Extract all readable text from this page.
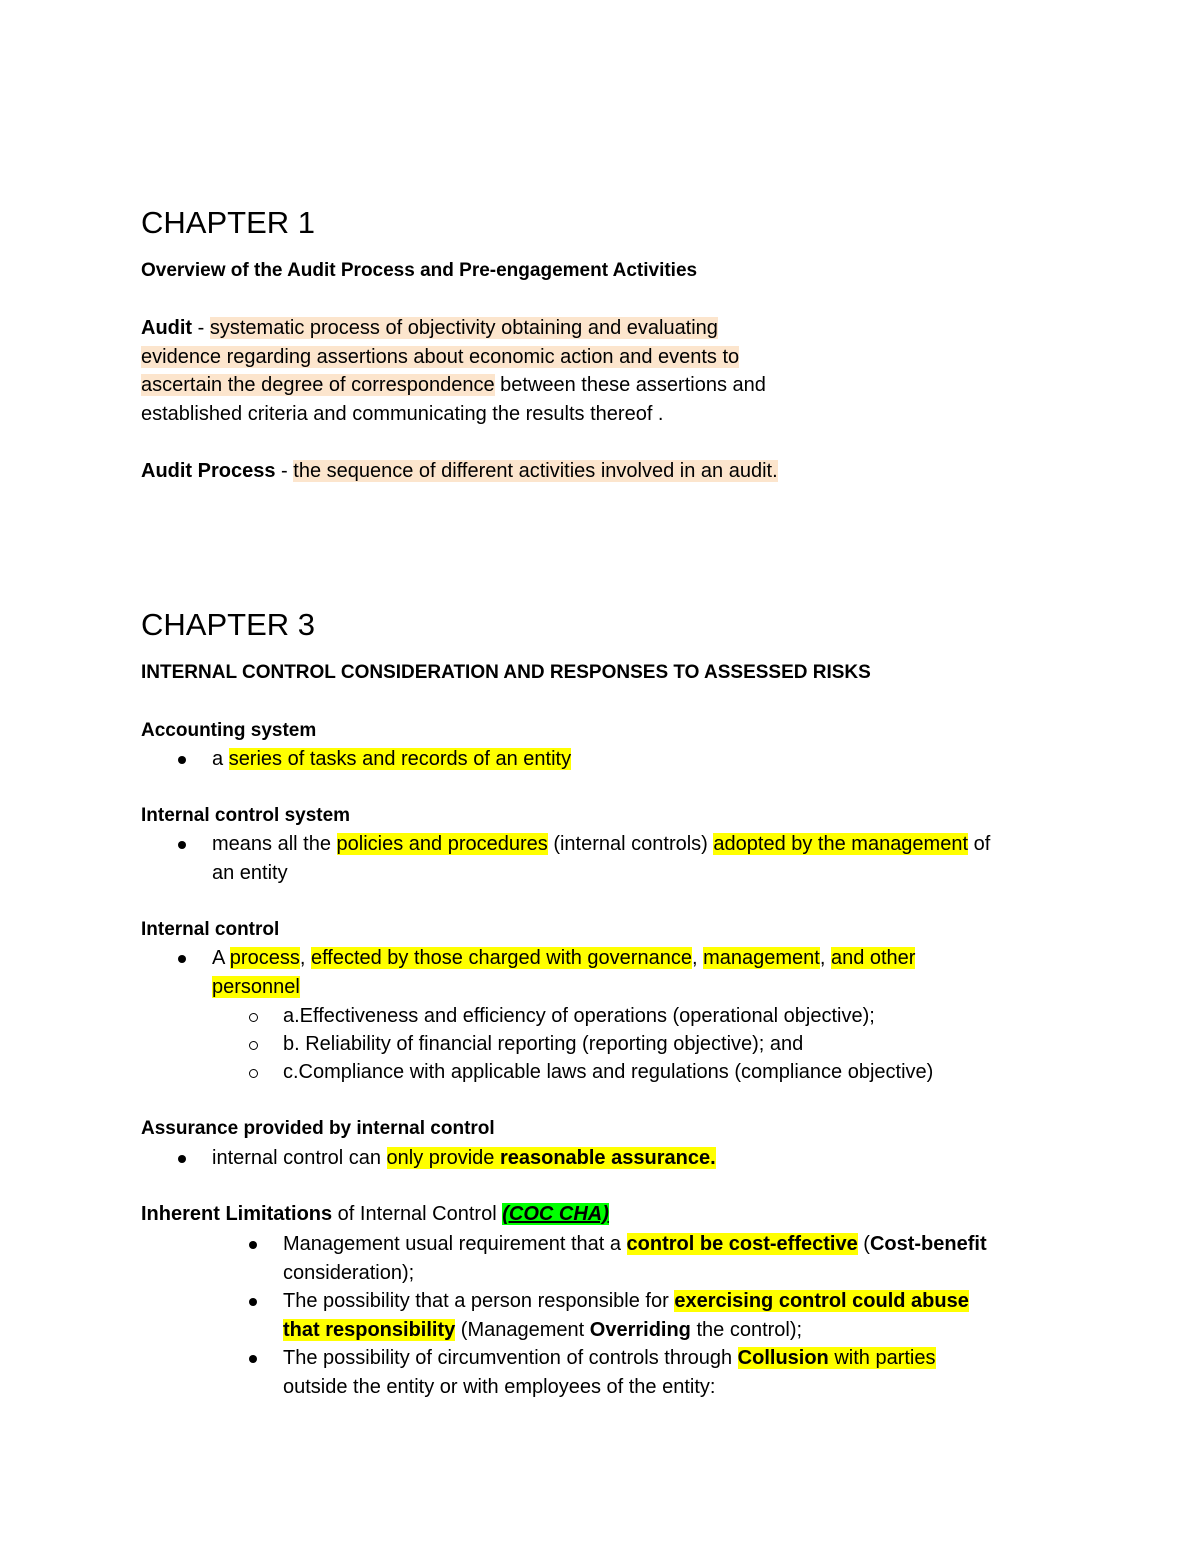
CHAPTER 1
Overview of the Audit Process and Pre-engagement Activities
Audit - systematic process of objectivity obtaining and evaluating
evidence regarding assertions about economic action and events to
ascertain the degree of correspondence between these assertions and
established criteria and communicating the results thereof .
Audit Process - the sequence of different activities involved in an audit.
CHAPTER 3
INTERNAL CONTROL CONSIDERATION AND RESPONSES TO ASSESSED RISKS
Accounting system
a series of tasks and records of an entity
Internal control system
means all the policies and procedures (internal controls) adopted by the management of
an entity
Internal control
A process, effected by those charged with governance, management, and other
personnel
a.Effectiveness and efficiency of operations (operational objective);
b. Reliability of financial reporting (reporting objective); and
c.Compliance with applicable laws and regulations (compliance objective)
Assurance provided by internal control
internal control can only provide reasonable assurance.
Inherent Limitations of Internal Control (COC CHA)
Management usual requirement that a control be cost-effective (Cost-benefit
consideration);
The possibility that a person responsible for exercising control could abuse
that responsibility (Management Overriding the control);
The possibility of circumvention of controls through Collusion with parties
outside the entity or with employees of the entity:
